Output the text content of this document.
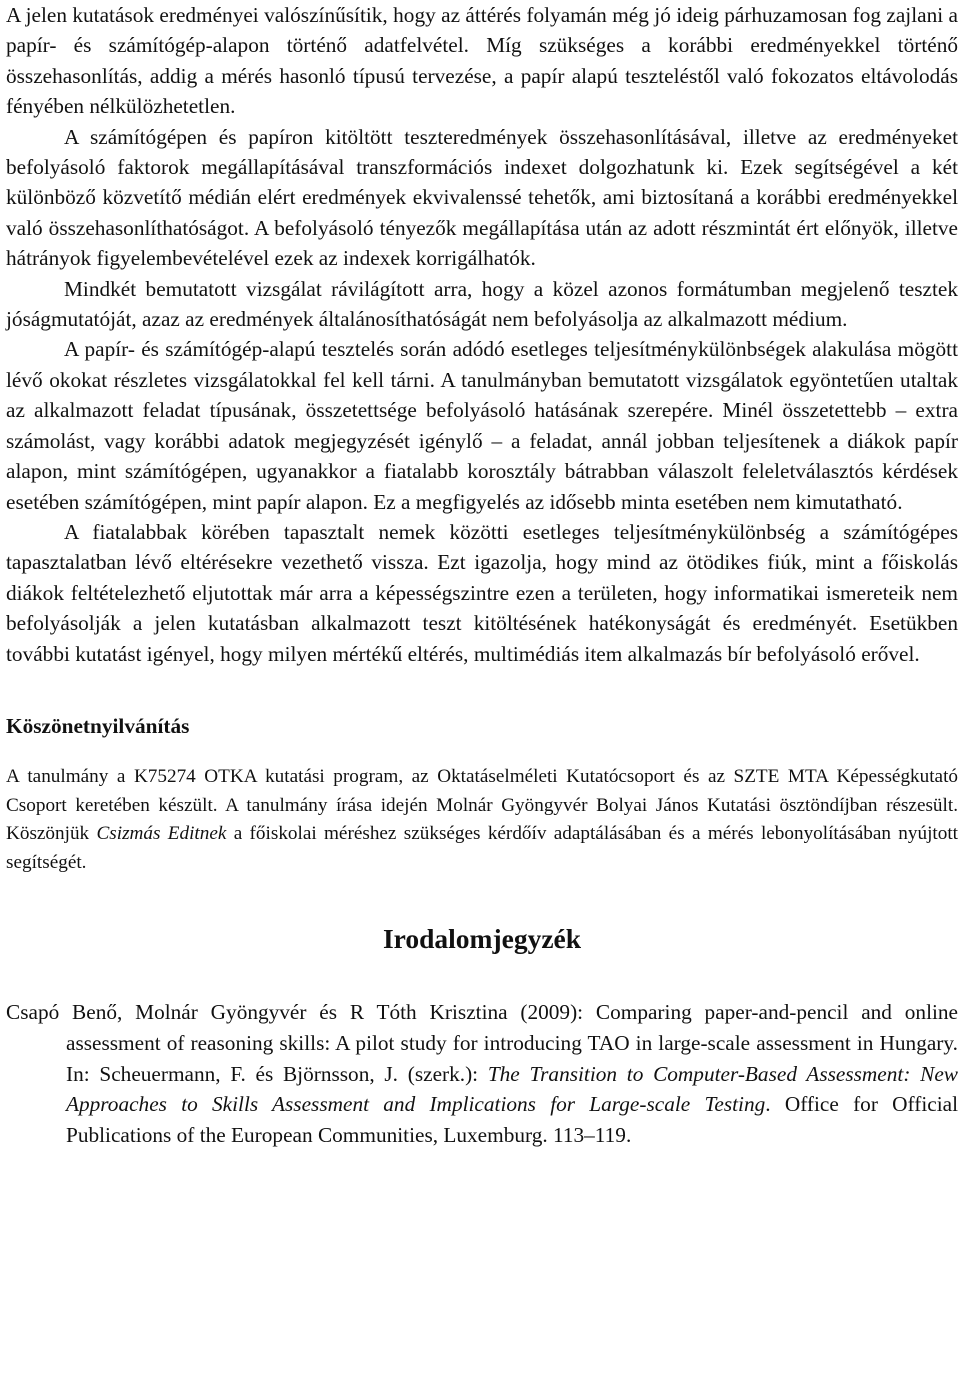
A jelen kutatások eredményei valószínűsítik, hogy az áttérés folyamán még jó ideig párhuzamosan fog zajlani a papír- és számítógép-alapon történő adatfelvétel. Míg szükséges a korábbi eredményekkel történő összehasonlítás, addig a mérés hasonló típusú tervezése, a papír alapú teszteléstől való fokozatos eltávolodás fényében nélkülözhetetlen.

A számítógépen és papíron kitöltött teszteredmények összehasonlításával, illetve az eredményeket befolyásoló faktorok megállapításával transzformációs indexet dolgozhatunk ki. Ezek segítségével a két különböző közvetítő médián elért eredmények ekvivalenssé tehetők, ami biztosítaná a korábbi eredményekkel való összehasonlíthatóságot. A befolyásoló tényezők megállapítása után az adott részmintát ért előnyök, illetve hátrányok figyelembevételével ezek az indexek korrigálhatók.

Mindkét bemutatott vizsgálat rávilágított arra, hogy a közel azonos formátumban megjelenő tesztek jóságmutatóját, azaz az eredmények általánosíthatóságát nem befolyásolja az alkalmazott médium.

A papír- és számítógép-alapú tesztelés során adódó esetleges teljesítménykülönbségek alakulása mögött lévő okokat részletes vizsgálatokkal fel kell tárni. A tanulmányban bemutatott vizsgálatok egyöntetűen utaltak az alkalmazott feladat típusának, összetettsége befolyásoló hatásának szerepére. Minél összetettebb – extra számolást, vagy korábbi adatok megjegyzését igénylő – a feladat, annál jobban teljesítenek a diákok papír alapon, mint számítógépen, ugyanakkor a fiatalabb korosztály bátrabban válaszolt feleletválasztós kérdések esetében számítógépen, mint papír alapon. Ez a megfigyelés az idősebb minta esetében nem kimutatható.

A fiatalabbak körében tapasztalt nemek közötti esetleges teljesítménykülönbség a számítógépes tapasztalatban lévő eltérésekre vezethető vissza. Ezt igazolja, hogy mind az ötödikes fiúk, mint a főiskolás diákok feltételezhető eljutottak már arra a képességszintre ezen a területen, hogy informatikai ismereteik nem befolyásolják a jelen kutatásban alkalmazott teszt kitöltésének hatékonyságát és eredményét. Esetükben további kutatást igényel, hogy milyen mértékű eltérés, multimédiás item alkalmazás bír befolyásoló erővel.

Köszönetnyilvánítás

A tanulmány a K75274 OTKA kutatási program, az Oktatáselméleti Kutatócsoport és az SZTE MTA Képességkutató Csoport keretében készült. A tanulmány írása idején Molnár Gyöngyvér Bolyai János Kutatási ösztöndíjban részesült. Köszönjük Csizmás Editnek a főiskolai méréshez szükséges kérdőív adaptálásában és a mérés lebonyolításában nyújtott segítségét.

Irodalomjegyzék

Csapó Benő, Molnár Gyöngyvér és R Tóth Krisztina (2009): Comparing paper-and-pencil and online assessment of reasoning skills: A pilot study for introducing TAO in large-scale assessment in Hungary. In: Scheuermann, F. és Björnsson, J. (szerk.): The Transition to Computer-Based Assessment: New Approaches to Skills Assessment and Implications for Large-scale Testing. Office for Official Publications of the European Communities, Luxemburg. 113–119.
